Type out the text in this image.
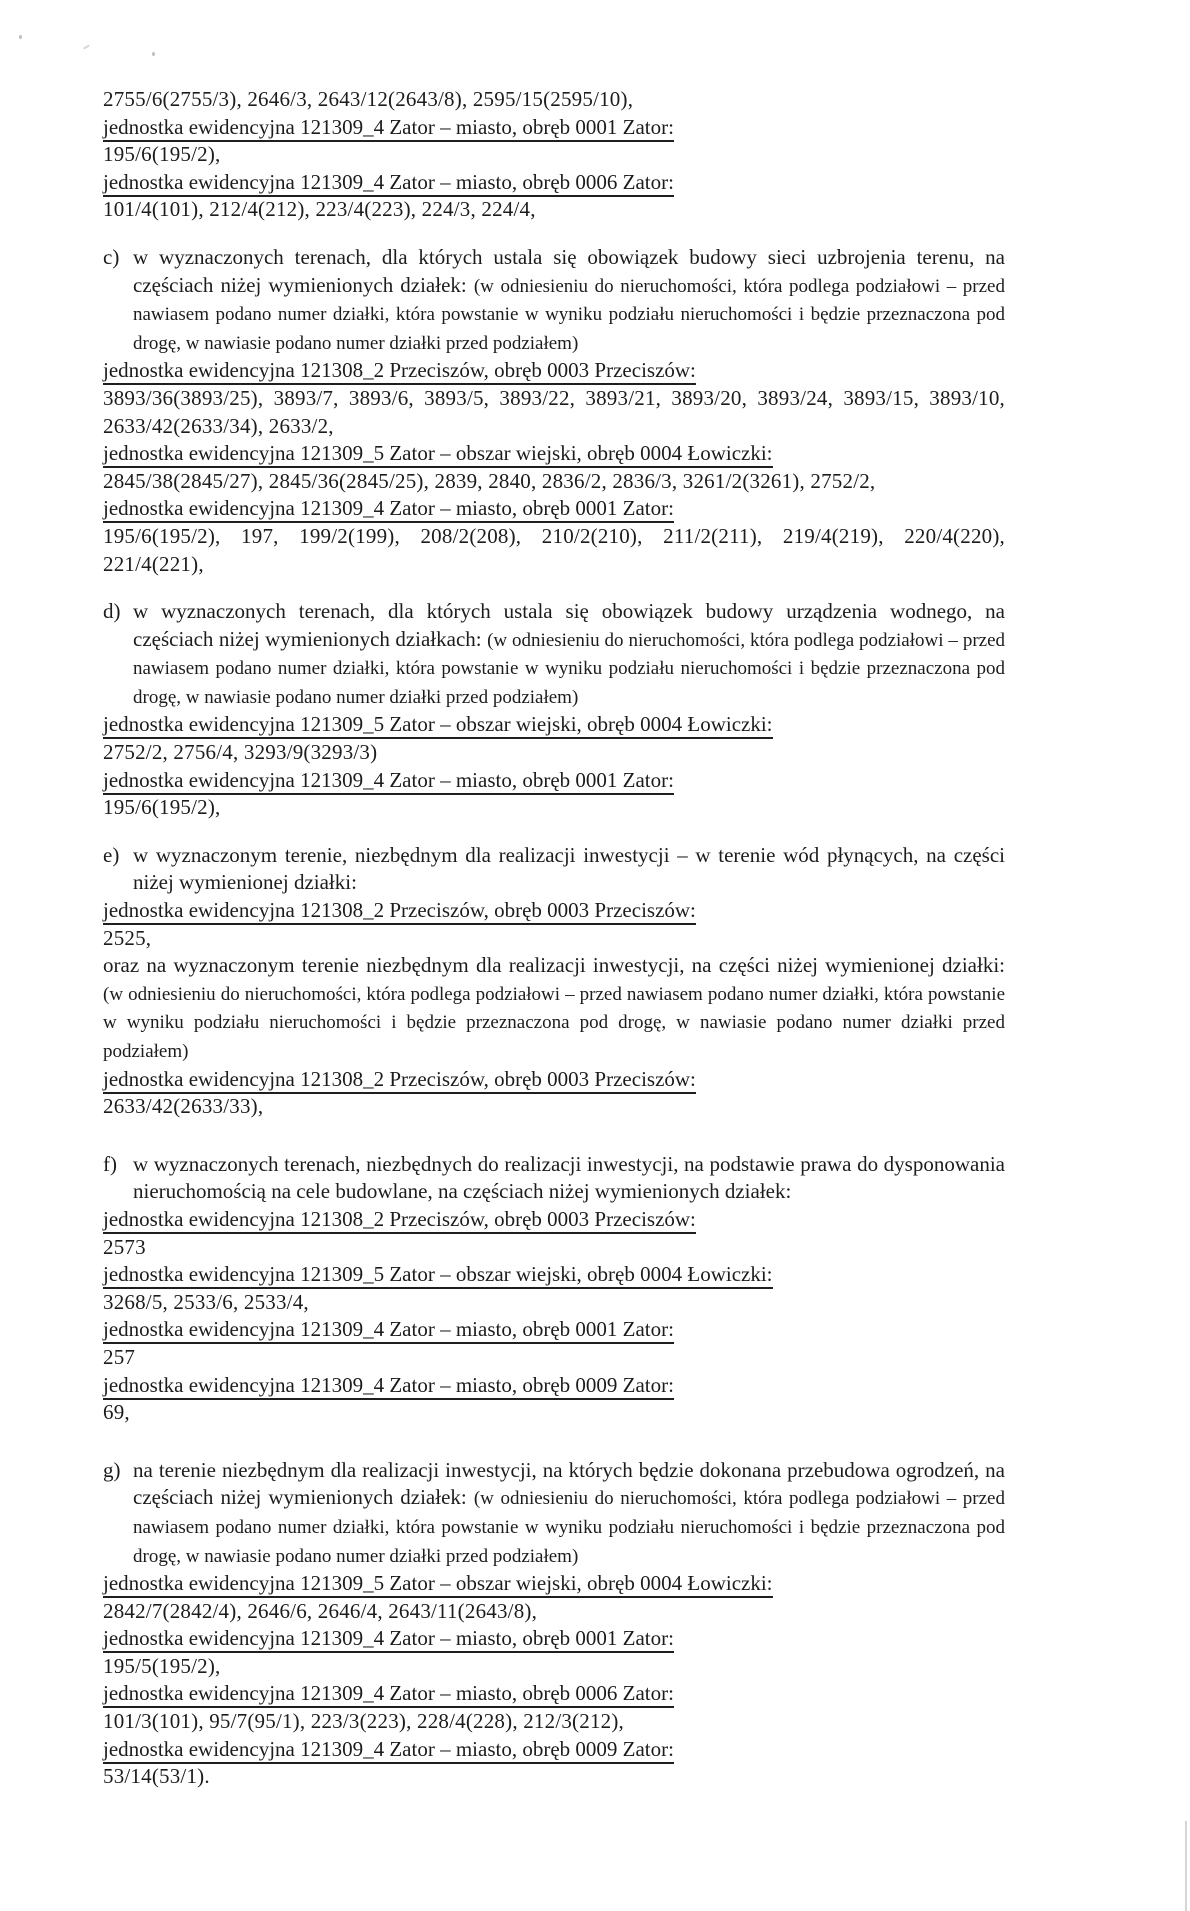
2755/6(2755/3), 2646/3, 2643/12(2643/8), 2595/15(2595/10),
jednostka ewidencyjna 121309_4 Zator – miasto, obręb 0001 Zator:
195/6(195/2),
jednostka ewidencyjna 121309_4 Zator – miasto, obręb 0006 Zator:
101/4(101), 212/4(212), 223/4(223), 224/3, 224/4,
c) w wyznaczonych terenach, dla których ustala się obowiązek budowy sieci uzbrojenia terenu, na częściach niżej wymienionych działek: (w odniesieniu do nieruchomości, która podlega podziałowi – przed nawiasem podano numer działki, która powstanie w wyniku podziału nieruchomości i będzie przeznaczona pod drogę, w nawiasie podano numer działki przed podziałem)
jednostka ewidencyjna 121308_2 Przeciszów, obręb 0003 Przeciszów:
3893/36(3893/25), 3893/7, 3893/6, 3893/5, 3893/22, 3893/21, 3893/20, 3893/24, 3893/15, 3893/10, 2633/42(2633/34), 2633/2,
jednostka ewidencyjna 121309_5 Zator – obszar wiejski, obręb 0004 Łowiczki:
2845/38(2845/27), 2845/36(2845/25), 2839, 2840, 2836/2, 2836/3, 3261/2(3261), 2752/2,
jednostka ewidencyjna 121309_4 Zator – miasto, obręb 0001 Zator:
195/6(195/2), 197, 199/2(199), 208/2(208), 210/2(210), 211/2(211), 219/4(219), 220/4(220), 221/4(221),
d) w wyznaczonych terenach, dla których ustala się obowiązek budowy urządzenia wodnego, na częściach niżej wymienionych działkach: (w odniesieniu do nieruchomości, która podlega podziałowi – przed nawiasem podano numer działki, która powstanie w wyniku podziału nieruchomości i będzie przeznaczona pod drogę, w nawiasie podano numer działki przed podziałem)
jednostka ewidencyjna 121309_5 Zator – obszar wiejski, obręb 0004 Łowiczki:
2752/2, 2756/4, 3293/9(3293/3)
jednostka ewidencyjna 121309_4 Zator – miasto, obręb 0001 Zator:
195/6(195/2),
e) w wyznaczonym terenie, niezbędnym dla realizacji inwestycji – w terenie wód płynących, na części niżej wymienionej działki:
jednostka ewidencyjna 121308_2 Przeciszów, obręb 0003 Przeciszów:
2525,
oraz na wyznaczonym terenie niezbędnym dla realizacji inwestycji, na części niżej wymienionej działki: (w odniesieniu do nieruchomości, która podlega podziałowi – przed nawiasem podano numer działki, która powstanie w wyniku podziału nieruchomości i będzie przeznaczona pod drogę, w nawiasie podano numer działki przed podziałem)
jednostka ewidencyjna 121308_2 Przeciszów, obręb 0003 Przeciszów:
2633/42(2633/33),
f) w wyznaczonych terenach, niezbędnych do realizacji inwestycji, na podstawie prawa do dysponowania nieruchomością na cele budowlane, na częściach niżej wymienionych działek:
jednostka ewidencyjna 121308_2 Przeciszów, obręb 0003 Przeciszów:
2573
jednostka ewidencyjna 121309_5 Zator – obszar wiejski, obręb 0004 Łowiczki:
3268/5, 2533/6, 2533/4,
jednostka ewidencyjna 121309_4 Zator – miasto, obręb 0001 Zator:
257
jednostka ewidencyjna 121309_4 Zator – miasto, obręb 0009 Zator:
69,
g) na terenie niezbędnym dla realizacji inwestycji, na których będzie dokonana przebudowa ogrodzeń, na częściach niżej wymienionych działek: (w odniesieniu do nieruchomości, która podlega podziałowi – przed nawiasem podano numer działki, która powstanie w wyniku podziału nieruchomości i będzie przeznaczona pod drogę, w nawiasie podano numer działki przed podziałem)
jednostka ewidencyjna 121309_5 Zator – obszar wiejski, obręb 0004 Łowiczki:
2842/7(2842/4), 2646/6, 2646/4, 2643/11(2643/8),
jednostka ewidencyjna 121309_4 Zator – miasto, obręb 0001 Zator:
195/5(195/2),
jednostka ewidencyjna 121309_4 Zator – miasto, obręb 0006 Zator:
101/3(101), 95/7(95/1), 223/3(223), 228/4(228), 212/3(212),
jednostka ewidencyjna 121309_4 Zator – miasto, obręb 0009 Zator:
53/14(53/1).
